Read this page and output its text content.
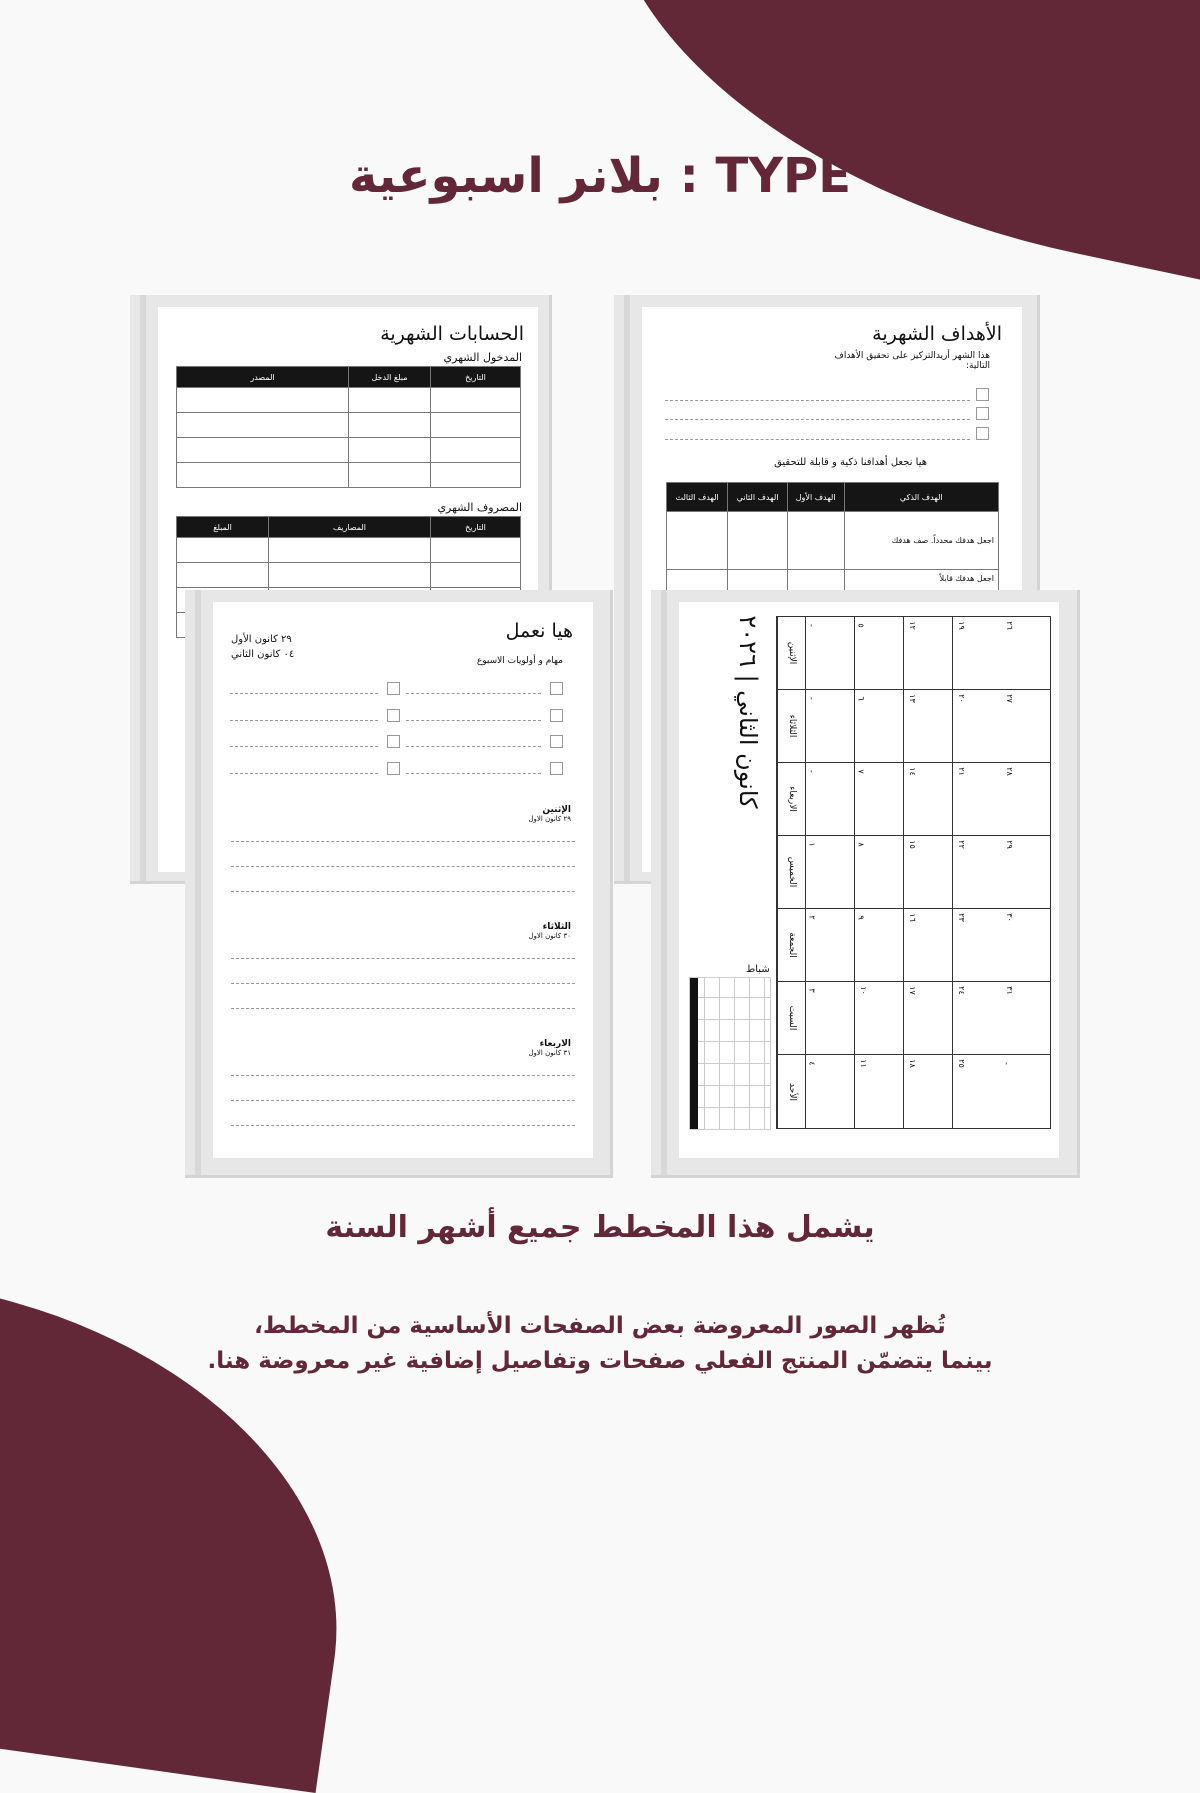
بلانر اسبوعية : TYPE
الحسابات الشهرية
المدخول الشهري
التاريخ	مبلغ الدخل	المصدر

المصروف الشهري
التاريخ	المصاريف	المبلغ

الأهداف الشهرية
هذا الشهر أريدالتركيز على تحقيق الأهداف التالية:
هيا نجعل أهدافنا ذكية و قابلة للتحقيق
الهدف الذكي	الهدف الأول	الهدف الثاني	الهدف الثالث
اجعل هدفك محدداً. صف هدفك			
اجعل هدفك قابلاً			
هيا نعمل
٢٩ كانون الأول
٠٤ كانون الثاني
مهام و أولويات الاسبوع
الإثنين
٢٩ كانون الاول
الثلاثاء
٣٠ كانون الاول
الاربعاء
٣١ كانون الاول
كانون الثاني | ٢٠٢٦
الإثنين
-	٥	١٢	١٩	٢٦
الثلاثاء
-	٦	١٣	٢٠	٢٧
الاربعاء
-	٧	١٤	٢١	٢٨
الخميس
١	٨	١٥	٢٢	٢٩
الجمعة
٢	٩	١٦	٢٣	٣٠
السبت
٣	١٠	١٧	٢٤	٣١
الأحد
٤	١١	١٨	٢٥	-
شباط
يشمل هذا المخطط جميع أشهر السنة
تُظهر الصور المعروضة بعض الصفحات الأساسية من المخطط،
بينما يتضمّن المنتج الفعلي صفحات وتفاصيل إضافية غير معروضة هنا.
